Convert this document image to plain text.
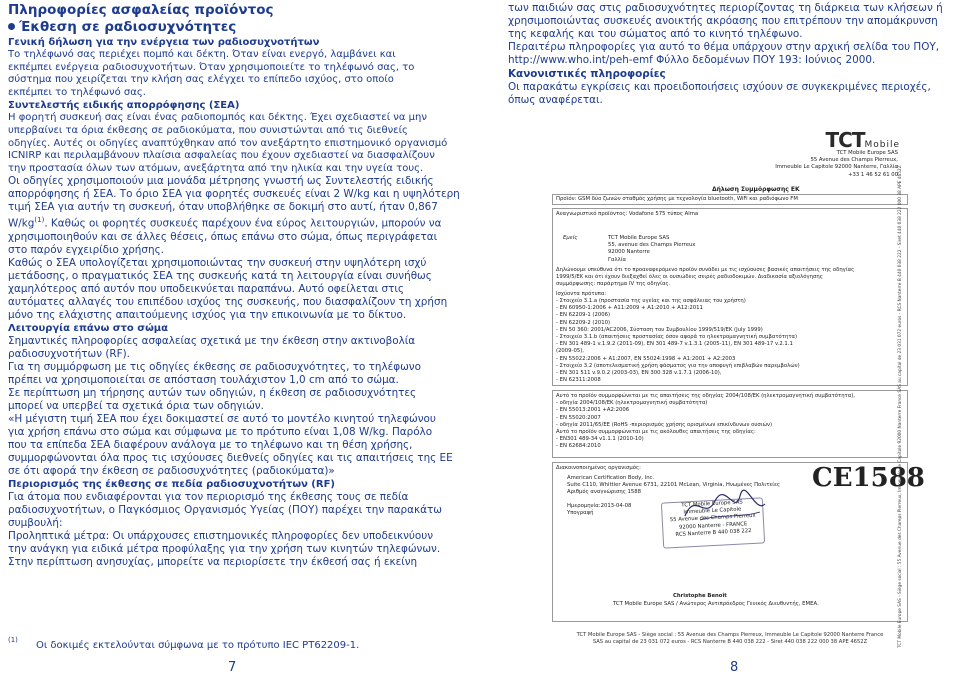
Πληροφορίες ασφαλείας προϊόντος
Έκθεση σε ραδιοσυχνότητες
Γενική δήλωση για την ενέργεια των ραδιοσυχνοτήτων
Το τηλέφωνό σας περιέχει πομπό και δέκτη. Όταν είναι ενεργό, λαμβάνει και
εκπέμπει ενέργεια ραδιοσυχνοτήτων. Όταν χρησιμοποιείτε το τηλέφωνό σας, το
σύστημα που χειρίζεται την κλήση σας ελέγχει το επίπεδο ισχύος, στο οποίο
εκπέμπει το τηλέφωνό σας.
Συντελεστής ειδικής απορρόφησης (ΣΕΑ)
Η φορητή συσκευή σας είναι ένας ραδιοπομπός και δέκτης. Έχει σχεδιαστεί να μην
υπερβαίνει τα όρια έκθεσης σε ραδιοκύματα, που συνιστώνται από τις διεθνείς
οδηγίες. Αυτές οι οδηγίες αναπτύχθηκαν από τον ανεξάρτητο επιστημονικό οργανισμό
ICNIRP και περιλαμβάνουν πλαίσια ασφαλείας που έχουν σχεδιαστεί να διασφαλίζουν
την προστασία όλων των ατόμων, ανεξάρτητα από την ηλικία και την υγεία τους.
Οι οδηγίες χρησιμοποιούν μια μονάδα μέτρησης γνωστή ως Συντελεστής ειδικής
απορρόφησης ή ΣΕΑ. Το όριο ΣΕΑ για φορητές συσκευές είναι 2 W/kg και η υψηλότερη
τιμή ΣΕΑ για αυτήν τη συσκευή, όταν υποβλήθηκε σε δοκιμή στο αυτί, ήταν 0,867
$W/kg^{(1)}$. Καθώς οι φορητές συσκευές παρέχουν ένα εύρος λειτουργιών, μπορούν να
χρησιμοποιηθούν και σε άλλες θέσεις, όπως επάνω στο σώμα, όπως περιγράφεται
στο παρόν εγχειρίδιο χρήσης.
Καθώς ο ΣΕΑ υπολογίζεται χρησιμοποιώντας την συσκευή στην υψηλότερη ισχύ
μετάδοσης, ο πραγματικός ΣΕΑ της συσκευής κατά τη λειτουργία είναι συνήθως
χαμηλότερος από αυτόν που υποδεικνύεται παραπάνω. Αυτό οφείλεται στις
αυτόματες αλλαγές του επιπέδου ισχύος της συσκευής, που διασφαλίζουν τη χρήση
μόνο της ελάχιστης απαιτούμενης ισχύος για την επικοινωνία με το δίκτυο.
Λειτουργία επάνω στο σώμα
Σημαντικές πληροφορίες ασφαλείας σχετικά με την έκθεση στην ακτινοβολία
ραδιοσυχνοτήτων (RF).
Για τη συμμόρφωση με τις οδηγίες έκθεσης σε ραδιοσυχνότητες, το τηλέφωνο
πρέπει να χρησιμοποιείται σε απόσταση τουλάχιστον 1,0 cm από το σώμα.
Σε περίπτωση μη τήρησης αυτών των οδηγιών, η έκθεση σε ραδιοσυχνότητες
μπορεί να υπερβεί τα σχετικά όρια των οδηγιών.
«Η μέγιστη τιμή ΣΕΑ που έχει δοκιμαστεί σε αυτό το μοντέλο κινητού τηλεφώνου
για χρήση επάνω στο σώμα και σύμφωνα με το πρότυπο είναι 1,08 W/kg. Παρόλο
που τα επίπεδα ΣΕΑ διαφέρουν ανάλογα με το τηλέφωνο και τη θέση χρήσης,
συμμορφώνονται όλα προς τις ισχύουσες διεθνείς οδηγίες και τις απαιτήσεις της ΕΕ
σε ότι αφορά την έκθεση σε ραδιοσυχνότητες (ραδιοκύματα)»
Περιορισμός της έκθεσης σε πεδία ραδιοσυχνοτήτων (RF)
Για άτομα που ενδιαφέρονται για τον περιορισμό της έκθεσης τους σε πεδία
ραδιοσυχνοτήτων, ο Παγκόσμιος Οργανισμός Υγείας (ΠΟΥ) παρέχει την παρακάτω
συμβουλή:
Προληπτικά μέτρα: Οι υπάρχουσες επιστημονικές πληροφορίες δεν υποδεικνύουν
την ανάγκη για ειδικά μέτρα προφύλαξης για την χρήση των κινητών τηλεφώνων.
Στην περίπτωση ανησυχίας, μπορείτε να περιορίσετε την έκθεσή σας ή εκείνη
(1) Οι δοκιμές εκτελούνται σύμφωνα με το πρότυπο IEC PT62209-1.
7
των παιδιών σας στις ραδιοσυχνότητες περιορίζοντας τη διάρκεια των κλήσεων ή
χρησιμοποιώντας συσκευές ανοικτής ακρόασης που επιτρέπουν την απομάκρυνση
της κεφαλής και του σώματος από το κινητό τηλέφωνο.
Περαιτέρω πληροφορίες για αυτό το θέμα υπάρχουν στην αρχική σελίδα του ΠΟΥ,
http://www.who.int/peh-emf Φύλλο δεδομένων ΠΟΥ 193: Ιούνιος 2000.
Κανονιστικές πληροφορίες
Οι παρακάτω εγκρίσεις και προειδοποιήσεις ισχύουν σε συγκεκριμένες περιοχές,
όπως αναφέρεται.
TCTMobile
TCT Mobile Europe SAS
55 Avenue des Champs Pierreux,
Immeuble Le Capitole 92000 Nanterre, Γαλλία
+33 1 46 52 61 00
Δήλωση Συμμόρφωσης ΕΚ
Προϊόν: GSM δύο ζωνών σταθμός χρήσης με τεχνολογία bluetooth, WiFi και ραδιόφωνο FM
Αναγνωριστικό προϊόντος: Vodafone 575 τύπος Alma
Εμείς	TCT Mobile Europe SAS
55, avenue des Champs Pierreux
92000 Nanterre
Γαλλία
Δηλώνουμε υπεύθυνα ότι το προαναφερόμενο προϊόν συνάδει με τις ισχύουσες βασικές απαιτήσεις της οδηγίας
1999/5/ΕΚ και ότι έχουν διεξαχθεί όλες οι ουσιώδεις σειρές ραδιοδοκιμών. Διαδικασία αξιολόγησης
συμμόρφωσης: παράρτημα IV της οδηγίας.
Ισχύοντα πρότυπα:
- Στοιχείο 3.1.a (προστασία της υγείας και της ασφάλειας του χρήστη)
- ΕΝ 60950-1:2006 + Α11:2009 + Α1:2010 + Α12:2011
- ΕΝ 62209-1 (2006)
- ΕΝ 62209-2 (2010)
- ΕΝ 50 360: 2001/AC2006, Σύσταση του Συμβουλίου 1999/519/ΕΚ (July 1999)
- Στοιχείο 3.1.b (απαιτήσεις προστασίας όσον αφορά το ηλεκτρομαγνητική συμβατότητα)
- ΕΝ 301 489-1 v.1.9.2 (2011-09), ΕΝ 301 489-7 v.1.3.1 (2005-11), ΕΝ 301 489-17 v.2.1.1
(2009-05),
- ΕΝ 55022:2006 + Α1:2007, ΕΝ 55024:1998 + Α1:2001 + Α2:2003
- Στοιχείο 3.2 (αποτελεσματική χρήση φάσματος για την αποφυγή επιβλαβών παρεμβολών)
- ΕΝ 301 511 v.9.0.2 (2003-03), ΕΝ 300 328 v.1.7.1 (2006-10),
- ΕΝ 62311:2008
Αυτό το προϊόν συμμορφώνεται με τις απαιτήσεις της οδηγίας 2004/108/ΕΚ (ηλεκτρομαγνητική συμβατότητα),
- οδηγία 2004/108/ΕΚ (ηλεκτρομαγνητική συμβατότητα)
- ΕΝ 55013:2001 +Α2:2006
- ΕΝ 55020:2007
- οδηγία 2011/65/ΕΕ (RoHS -περιορισμός χρήσης ορισμένων επικίνδυνων ουσιών)
Αυτό το προϊόν συμμορφώνεται με τις ακόλουθες απαιτήσεις της οδηγίας:
- ΕΝ301 489-34 v1.1.1 (2010-10)
- ΕΝ 62684:2010
Διακοινοποιημένος οργανισμός:
American Certification Body, Inc.
Suite C110, Whittier Avenue 6731, 22101 McLean, Virginia, Ηνωμένες Πολιτείες
Αριθμός αναγνώρισης 1588
Ημερομηνία:2013-04-08
Υπογραφή
Christophe Benoît
TCT Mobile Europe SAS / Ανώτερος Αντιπρόεδρος Γενικός Διευθυντής, ΕΜΕΑ.
CE1588
TCT Mobile Europe SAS
Immeuble Le Capitole
55 Avenue des Champs Pierreux
92000 Nanterre - FRANCE
RCS Nanterre B 440 038 222
TCT Mobile Europe SAS - Siège social : 55 Avenue des Champs Pierreux, Immeuble Le Capitole 92000 Nanterre France
SAS au capital de 23 031 072 euros - RCS Nanterre B 440 038 222 - Siret 440 038 222 000 38 APE 4652Z	TCT Mobile Europe SAS - Siège social : 55 Avenue des Champs Pierreux, Immeuble Le Capitole 92000 Nanterre France SAS au capital de 23 031 072 euros - RCS Nanterre B 440 038 222 - Siret 440 038 222 000 38 APE 4652Z
8
